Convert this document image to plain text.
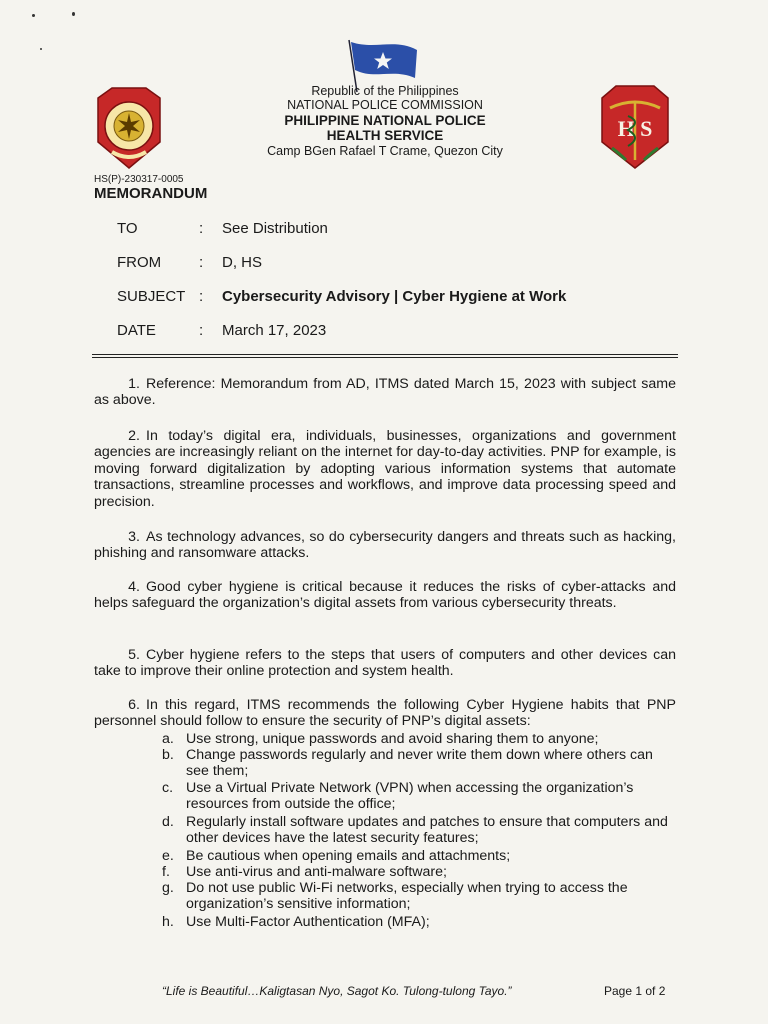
Republic of the Philippines
NATIONAL POLICE COMMISSION
PHILIPPINE NATIONAL POLICE
HEALTH SERVICE
Camp BGen Rafael T Crame, Quezon City
H S
HS(P)-230317-0005
MEMORANDUM
TO	: See Distribution
FROM	: D, HS
SUBJECT : Cybersecurity Advisory | Cyber Hygiene at Work
DATE	: March 17, 2023
1. Reference: Memorandum from AD, ITMS dated March 15, 2023 with subject same as above.
2. In today’s digital era, individuals, businesses, organizations and government agencies are increasingly reliant on the internet for day-to-day activities. PNP for example, is moving forward digitalization by adopting various information systems that automate transactions, streamline processes and workflows, and improve data processing speed and precision.
3. As technology advances, so do cybersecurity dangers and threats such as hacking, phishing and ransomware attacks.
4. Good cyber hygiene is critical because it reduces the risks of cyber-attacks and helps safeguard the organization’s digital assets from various cybersecurity threats.
5. Cyber hygiene refers to the steps that users of computers and other devices can take to improve their online protection and system health.
6. In this regard, ITMS recommends the following Cyber Hygiene habits that PNP personnel should follow to ensure the security of PNP’s digital assets:
a. Use strong, unique passwords and avoid sharing them to anyone;
b. Change passwords regularly and never write them down where others can see them;
c. Use a Virtual Private Network (VPN) when accessing the organization’s resources from outside the office;
d. Regularly install software updates and patches to ensure that computers and other devices have the latest security features;
e. Be cautious when opening emails and attachments;
f.	Use anti-virus and anti-malware software;
g. Do not use public Wi-Fi networks, especially when trying to access the organization’s sensitive information;
h. Use Multi-Factor Authentication (MFA);
“Life is Beautiful…Kaligtasan Nyo, Sagot Ko. Tulong-tulong Tayo.”	Page 1 of 2
